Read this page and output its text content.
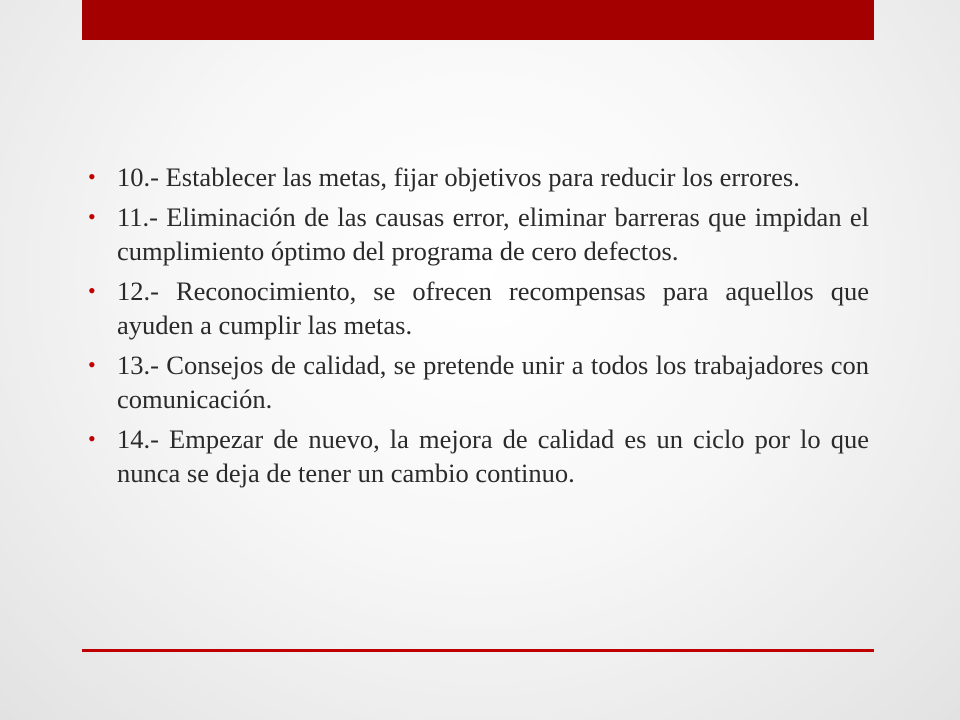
• 10.- Establecer las metas, fijar objetivos para reducir los errores.
• 11.- Eliminación de las causas error, eliminar barreras que impidan el cumplimiento óptimo del programa de cero defectos.
• 12.- Reconocimiento, se ofrecen recompensas para aquellos que ayuden a cumplir las metas.
• 13.- Consejos de calidad, se pretende unir a todos los trabajadores con comunicación.
• 14.- Empezar de nuevo, la mejora de calidad es un ciclo por lo que nunca se deja de tener un cambio continuo.
